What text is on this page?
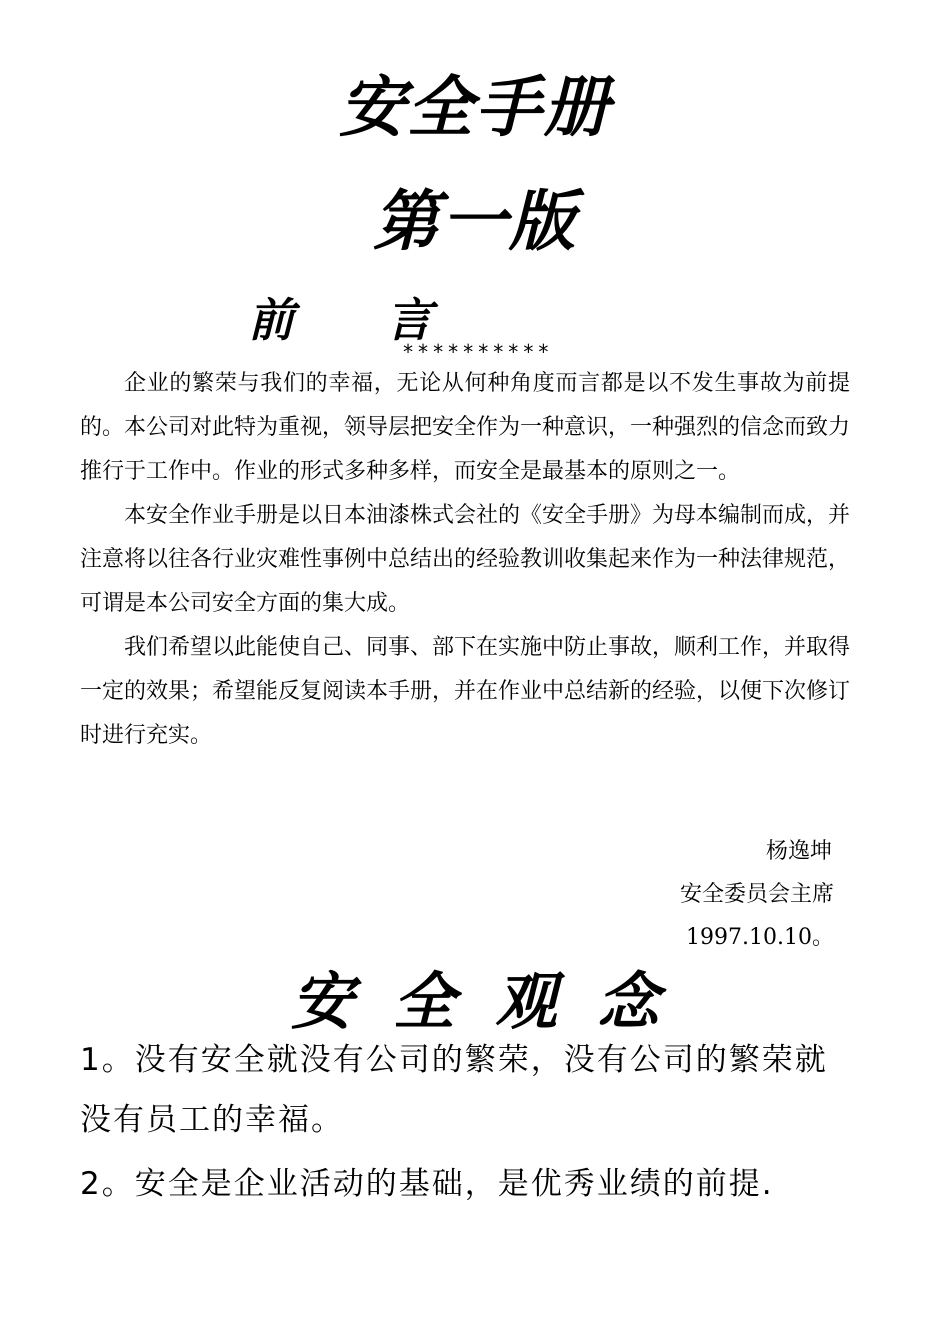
安全手册
第一版
前言
**********

企业的繁荣与我们的幸福，无论从何种角度而言都是以不发生事故为前提的。本公司对此特为重视，领导层把安全作为一种意识，一种强烈的信念而致力推行于工作中。作业的形式多种多样，而安全是最基本的原则之一。

本安全作业手册是以日本油漆株式会社的《安全手册》为母本编制而成，并注意将以往各行业灾难性事例中总结出的经验教训收集起来作为一种法律规范，可谓是本公司安全方面的集大成。

我们希望以此能使自己、同事、部下在实施中防止事故，顺利工作，并取得一定的效果；希望能反复阅读本手册，并在作业中总结新的经验，以便下次修订时进行充实。

杨逸坤
安全委员会主席
1997.10.10。
安全观念

1。没有安全就没有公司的繁荣，没有公司的繁荣就没有员工的幸福。

2。安全是企业活动的基础，是优秀业绩的前提.
